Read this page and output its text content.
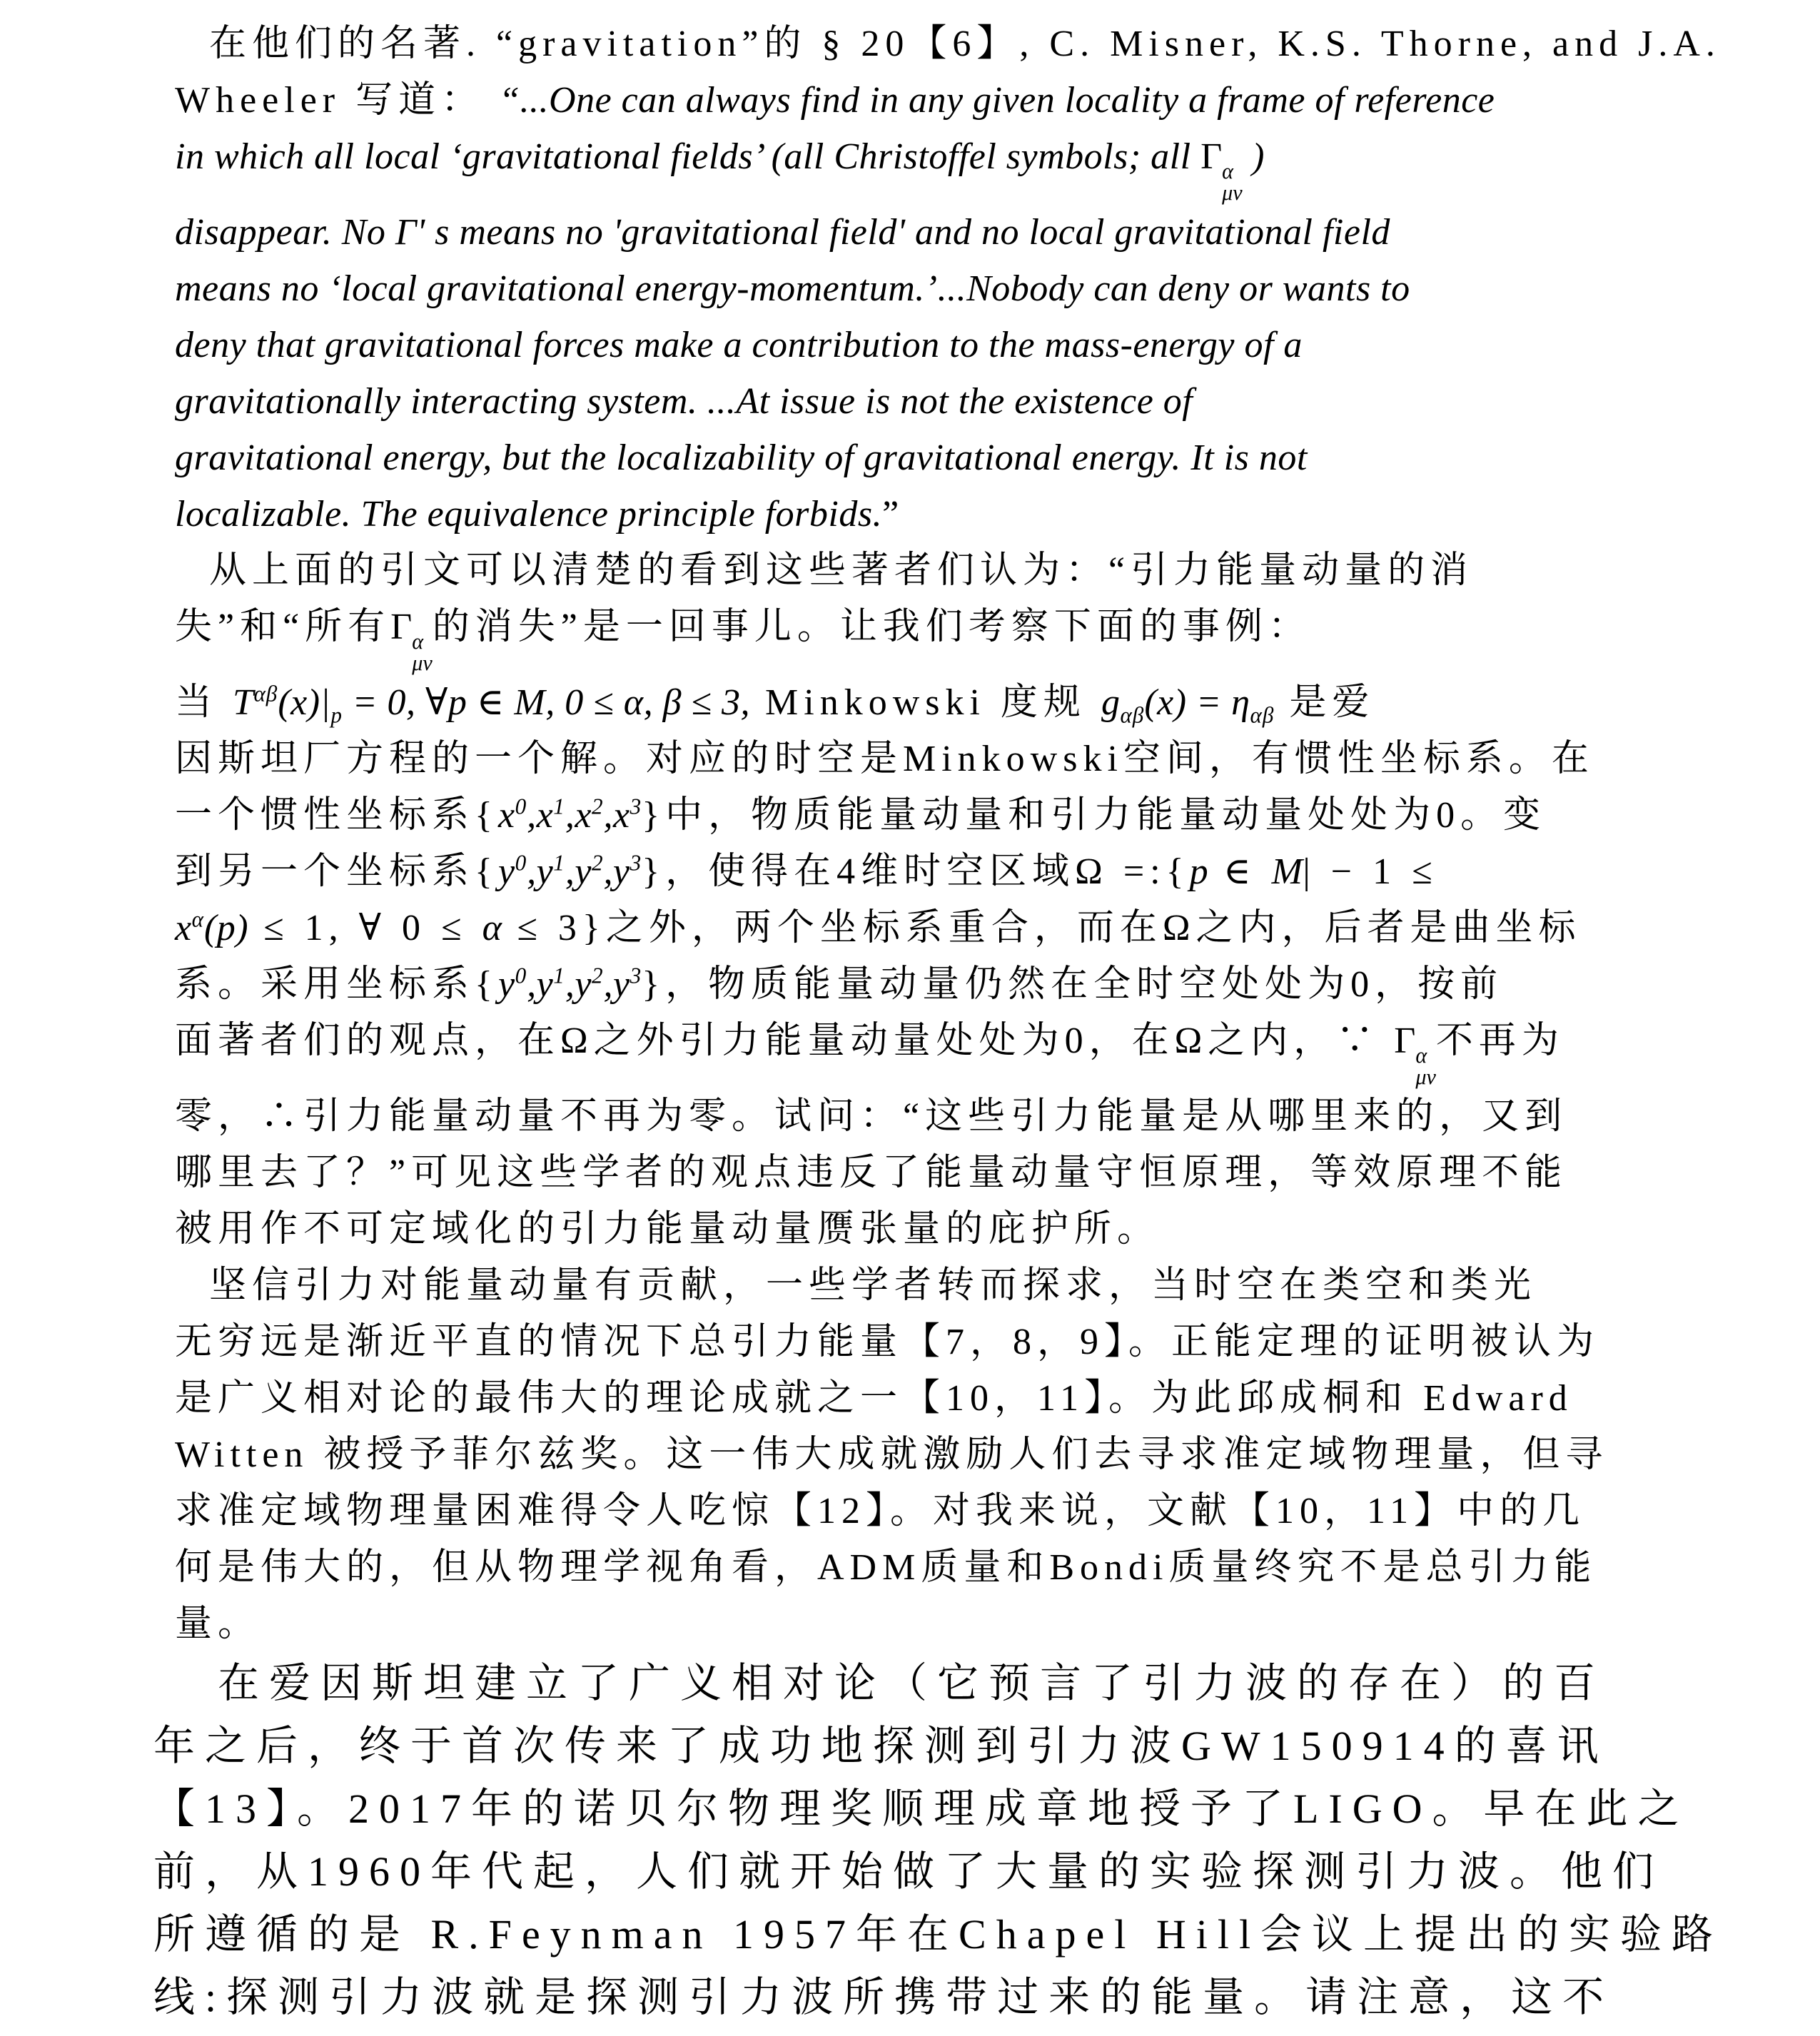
在他们的名著. “gravitation”的 § 20【6】, C. Misner, K.S. Thorne, and J.A.
Wheeler 写道： “...One can always find in any given locality a frame of reference
in which all local ‘gravitational fields’ (all Christoffel symbols; all Γ α
μν
)
disappear. No Γ' s means no 'gravitational field' and no local gravitational field
means no ‘local gravitational energy-momentum.’...Nobody can deny or wants to
deny that gravitational forces make a contribution to the mass-energy of a
gravitationally interacting system. ...At issue is not the existence of
gravitational energy, but the localizability of gravitational energy. It is not
localizable. The equivalence principle forbids.”
从上面的引文可以清楚的看到这些著者们认为：“引力能量动量的消
失”和“所有Γ α
μν
的消失”是一回事儿。让我们考察下面的事例：
当 $T^{\alpha\beta}(x)|_p = 0$, ∀p ∈ M, 0 ≤ α, β ≤ 3, Minkowski 度规 $g_{\alpha\beta}(x) = \eta_{\alpha\beta}$ 是爱
因斯坦厂方程的一个解。对应的时空是Minkowski空间，有惯性坐标系。在
一个惯性坐标系$\{x^0,x^1,x^2,x^3\}$中，物质能量动量和引力能量动量处处为0。变
到另一个坐标系$\{y^0,y^1,y^2,y^3\}$，使得在4维时空区域Ω =:{p ∈ M| − 1 ≤
$x^\alpha(p) \le 1$, ∀ 0 ≤ α ≤ 3}之外，两个坐标系重合，而在Ω之内，后者是曲坐标
系。采用坐标系$\{y^0,y^1,y^2,y^3\}$，物质能量动量仍然在全时空处处为0，按前
面著者们的观点，在Ω之外引力能量动量处处为0，在Ω之内，∵ Γ α
μν
不再为
零，∴引力能量动量不再为零。试问：“这些引力能量是从哪里来的，又到
哪里去了？”可见这些学者的观点违反了能量动量守恒原理，等效原理不能
被用作不可定域化的引力能量动量赝张量的庇护所。
坚信引力对能量动量有贡献，一些学者转而探求，当时空在类空和类光
无穷远是渐近平直的情况下总引力能量【7，8，9】。正能定理的证明被认为
是广义相对论的最伟大的理论成就之一【10，11】。为此邱成桐和 Edward
Witten 被授予菲尔兹奖。这一伟大成就激励人们去寻求准定域物理量，但寻
求准定域物理量困难得令人吃惊【12】。对我来说，文献【10，11】中的几
何是伟大的，但从物理学视角看，ADM质量和Bondi质量终究不是总引力能
量。
在爱因斯坦建立了广义相对论（它预言了引力波的存在）的百
年之后，终于首次传来了成功地探测到引力波GW150914的喜讯
【13】。2017年的诺贝尔物理奖顺理成章地授予了LIGO。早在此之
前，从1960年代起，人们就开始做了大量的实验探测引力波。他们
所遵循的是 R.Feynman 1957年在Chapel Hill会议上提出的实验路
线:探测引力波就是探测引力波所携带过来的能量。请注意，这不
